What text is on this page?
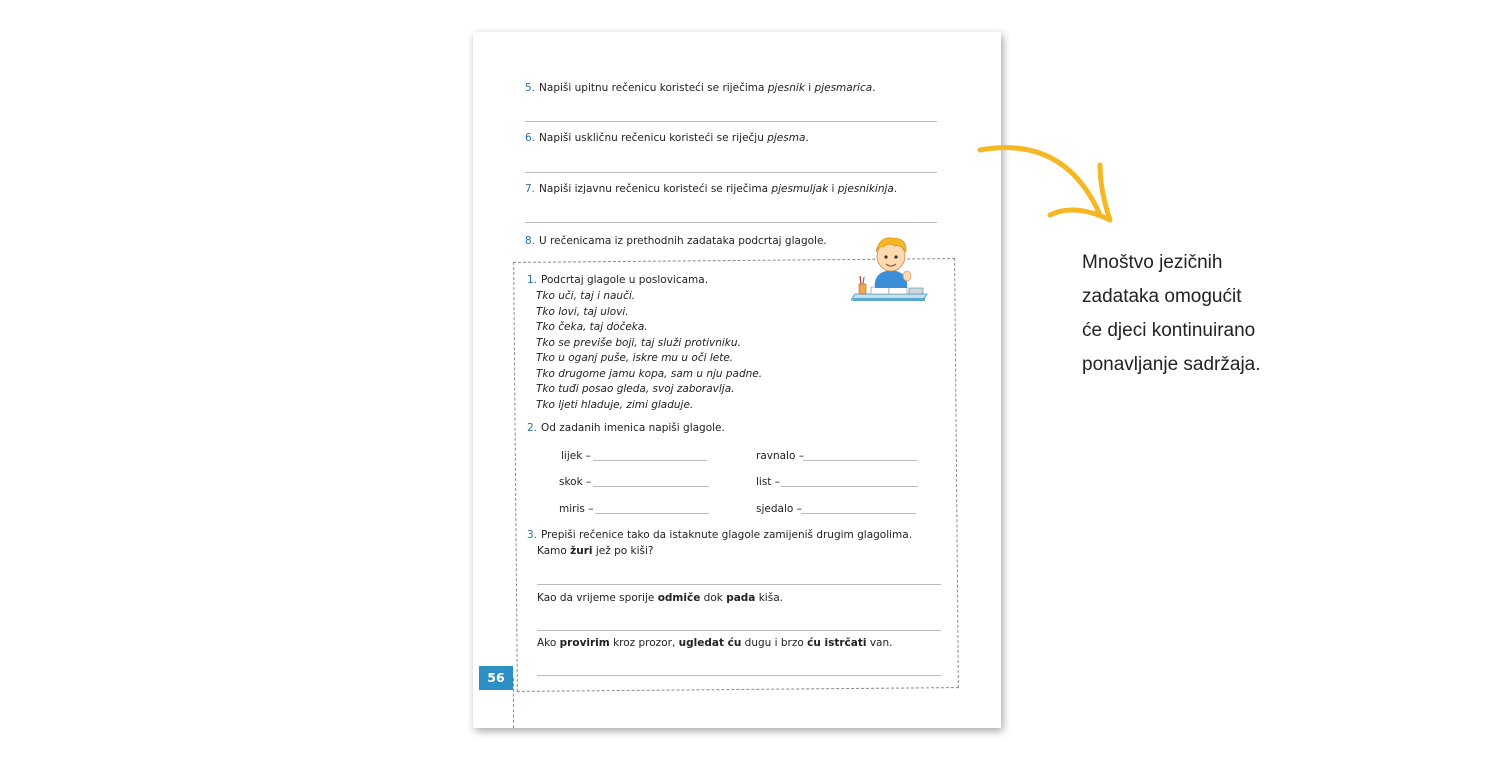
5. Napiši upitnu rečenicu koristeći se riječima pjesnik i pjesmarica.
6. Napiši uskličnu rečenicu koristeći se riječju pjesma.
7. Napiši izjavnu rečenicu koristeći se riječima pjesmuljak i pjesnikinja.
8. U rečenicama iz prethodnih zadataka podcrtaj glagole.
56
1. Podcrtaj glagole u poslovicama.
Tko uči, taj i nauči.
Tko lovi, taj ulovi.
Tko čeka, taj dočeka.
Tko se previše boji, taj služi protivniku.
Tko u oganj puše, iskre mu u oči lete.
Tko drugome jamu kopa, sam u nju padne.
Tko tuđi posao gleda, svoj zaboravlja.
Tko ljeti hladuje, zimi gladuje.
2. Od zadanih imenica napiši glagole.
lijek –	ravnalo –
skok –	list –
miris –	sjedalo –
3. Prepiši rečenice tako da istaknute glagole zamijeniš drugim glagolima.
Kamo žuri jež po kiši?
Kao da vrijeme sporije odmiče dok pada kiša.
Ako provirim kroz prozor, ugledat ću dugu i brzo ću istrčati van.
Mnoštvo jezičnih
zadataka omogućit
će djeci kontinuirano
ponavljanje sadržaja.
